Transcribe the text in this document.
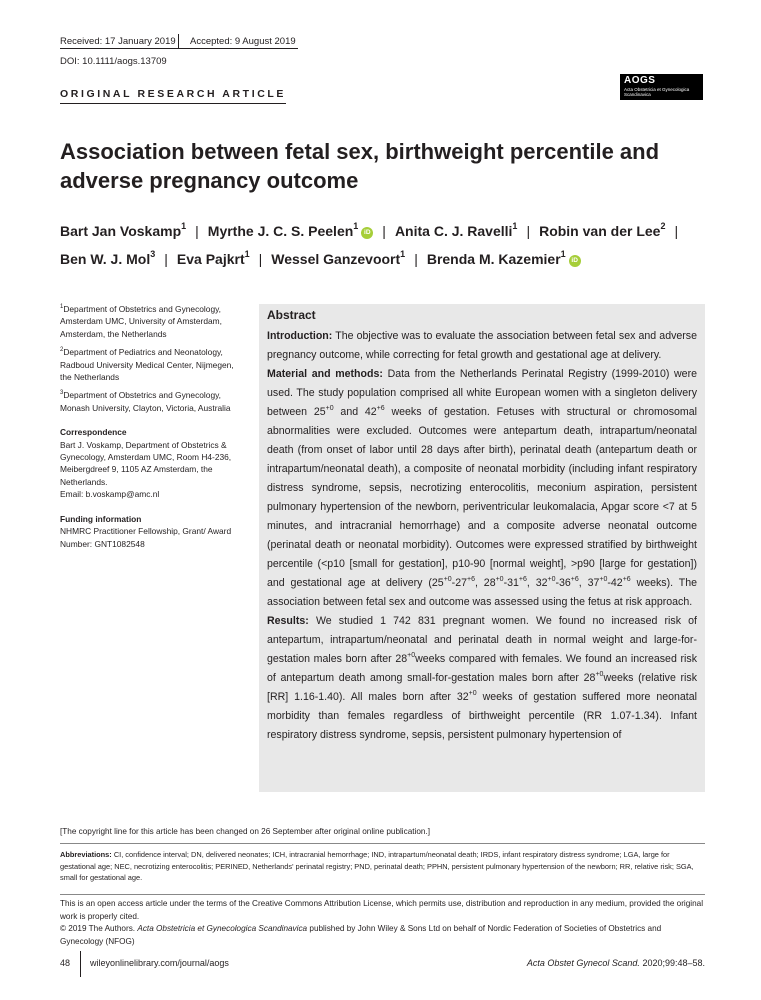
Received: 17 January 2019 Accepted: 9 August 2019
DOI: 10.1111/aogs.13709
ORIGINAL RESEARCH ARTICLE
AOGS
Acta Obstetricia et Gynecologica
Scandinavica
Association between fetal sex, birthweight percentile and adverse pregnancy outcome
Bart Jan Voskamp$^1$ | Myrthe J. C. S. Peelen$^1$iD | Anita C. J. Ravelli$^1$ | Robin van der Lee$^2$ |
Ben W. J. Mol$^3$ | Eva Pajkrt$^1$ | Wessel Ganzevoort$^1$ | Brenda M. Kazemier$^1$iD

$^1$Department of Obstetrics and Gynecology, Amsterdam UMC, University of Amsterdam, Amsterdam, the Netherlands

$^2$Department of Pediatrics and Neonatology, Radboud University Medical Center, Nijmegen, the Netherlands

$^3$Department of Obstetrics and Gynecology, Monash University, Clayton, Victoria, Australia

Correspondence

Bart J. Voskamp, Department of Obstetrics & Gynecology, Amsterdam UMC, Room H4-236, Meibergdreef 9, 1105 AZ Amsterdam, the Netherlands.

Email: b.voskamp@amc.nl

Funding information

NHMRC Practitioner Fellowship, Grant/ Award Number: GNT1082548

Abstract

Introduction: The objective was to evaluate the association between fetal sex and adverse pregnancy outcome, while correcting for fetal growth and gestational age at delivery.

Material and methods: Data from the Netherlands Perinatal Registry (1999-2010) were used. The study population comprised all white European women with a singleton delivery between $25^{+0}$ and $42^{+6}$ weeks of gestation. Fetuses with structural or chromosomal abnormalities were excluded. Outcomes were antepartum death, intrapartum/neonatal death (from onset of labor until 28 days after birth), perinatal death (antepartum death or intrapartum/neonatal death), a composite of neonatal morbidity (including infant respiratory distress syndrome, sepsis, necrotizing enterocolitis, meconium aspiration, persistent pulmonary hypertension of the newborn, periventricular leukomalacia, Apgar score <7 at 5 minutes, and intracranial hemorrhage) and a composite adverse neonatal outcome (perinatal death or neonatal morbidity). Outcomes were expressed stratified by birthweight percentile (<p10 [small for gestation], p10-90 [normal weight], >p90 [large for gestation]) and gestational age at delivery ($25^{+0}-27^{+6}$, $28^{+0}-31^{+6}$, $32^{+0}-36^{+6}$, $37^{+0}-42^{+6}$ weeks). The association between fetal sex and outcome was assessed using the fetus at risk approach.

Results: We studied 1 742 831 pregnant women. We found no increased risk of antepartum, intrapartum/neonatal and perinatal death in normal weight and large-for-gestation males born after $28^{+0}weeks$ compared with females. We found an increased risk of antepartum death among small-for-gestation males born after $28^{+0}weeks$ (relative risk [RR] 1.16-1.40). All males born after $32^{+0}$ weeks of gestation suffered more neonatal morbidity than females regardless of birthweight percentile (RR 1.07-1.34). Infant respiratory distress syndrome, sepsis, persistent pulmonary hypertension of

[The copyright line for this article has been changed on 26 September after original online publication.]
Abbreviations: CI, confidence interval; DN, delivered neonates; ICH, intracranial hemorrhage; IND, intrapartum/neonatal death; IRDS, infant respiratory distress syndrome; LGA, large for gestational age; NEC, necrotizing enterocolitis; PERINED, Netherlands' perinatal registry; PND, perinatal death; PPHN, persistent pulmonary hypertension of the newborn; RR, relative risk; SGA, small for gestational age.
This is an open access article under the terms of the Creative Commons Attribution License, which permits use, distribution and reproduction in any medium, provided the original work is properly cited.
© 2019 The Authors. Acta Obstetricia et Gynecologica Scandinavica published by John Wiley & Sons Ltd on behalf of Nordic Federation of Societies of Obstetrics and Gynecology (NFOG)
48 wileyonlinelibrary.com/journal/aogs	Acta Obstet Gynecol Scand. 2020;99:48–58.
